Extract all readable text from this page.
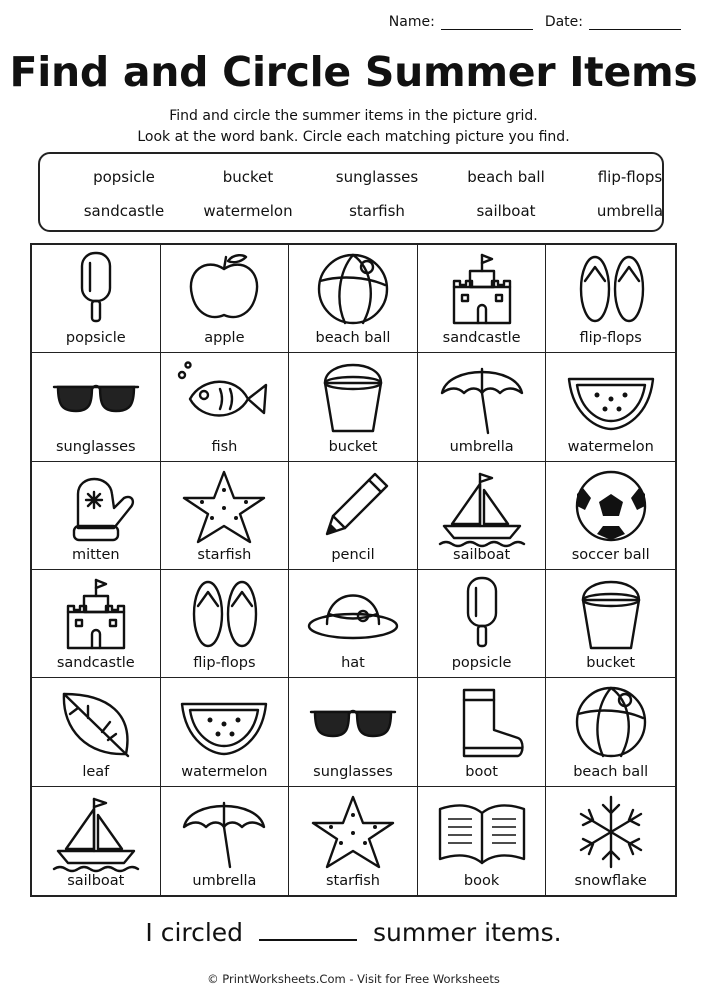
Name:	Date:
Find and Circle Summer Items
Find and circle the summer items in the picture grid.
Look at the word bank. Circle each matching picture you find.
popsicle	bucket	sunglasses	beach ball	flip-flops
sandcastle	watermelon	starfish	sailboat	umbrella
popsicle	apple	beach ball	sandcastle	flip-flops
sunglasses	fish	bucket	umbrella	watermelon
mitten	starfish	pencil	sailboat	soccer ball
sandcastle	flip-flops	hat	popsicle	bucket
leaf	watermelon	sunglasses	boot	beach ball
sailboat	umbrella	starfish	book	snowflake
I circled	summer items.
© PrintWorksheets.Com - Visit for Free Worksheets
